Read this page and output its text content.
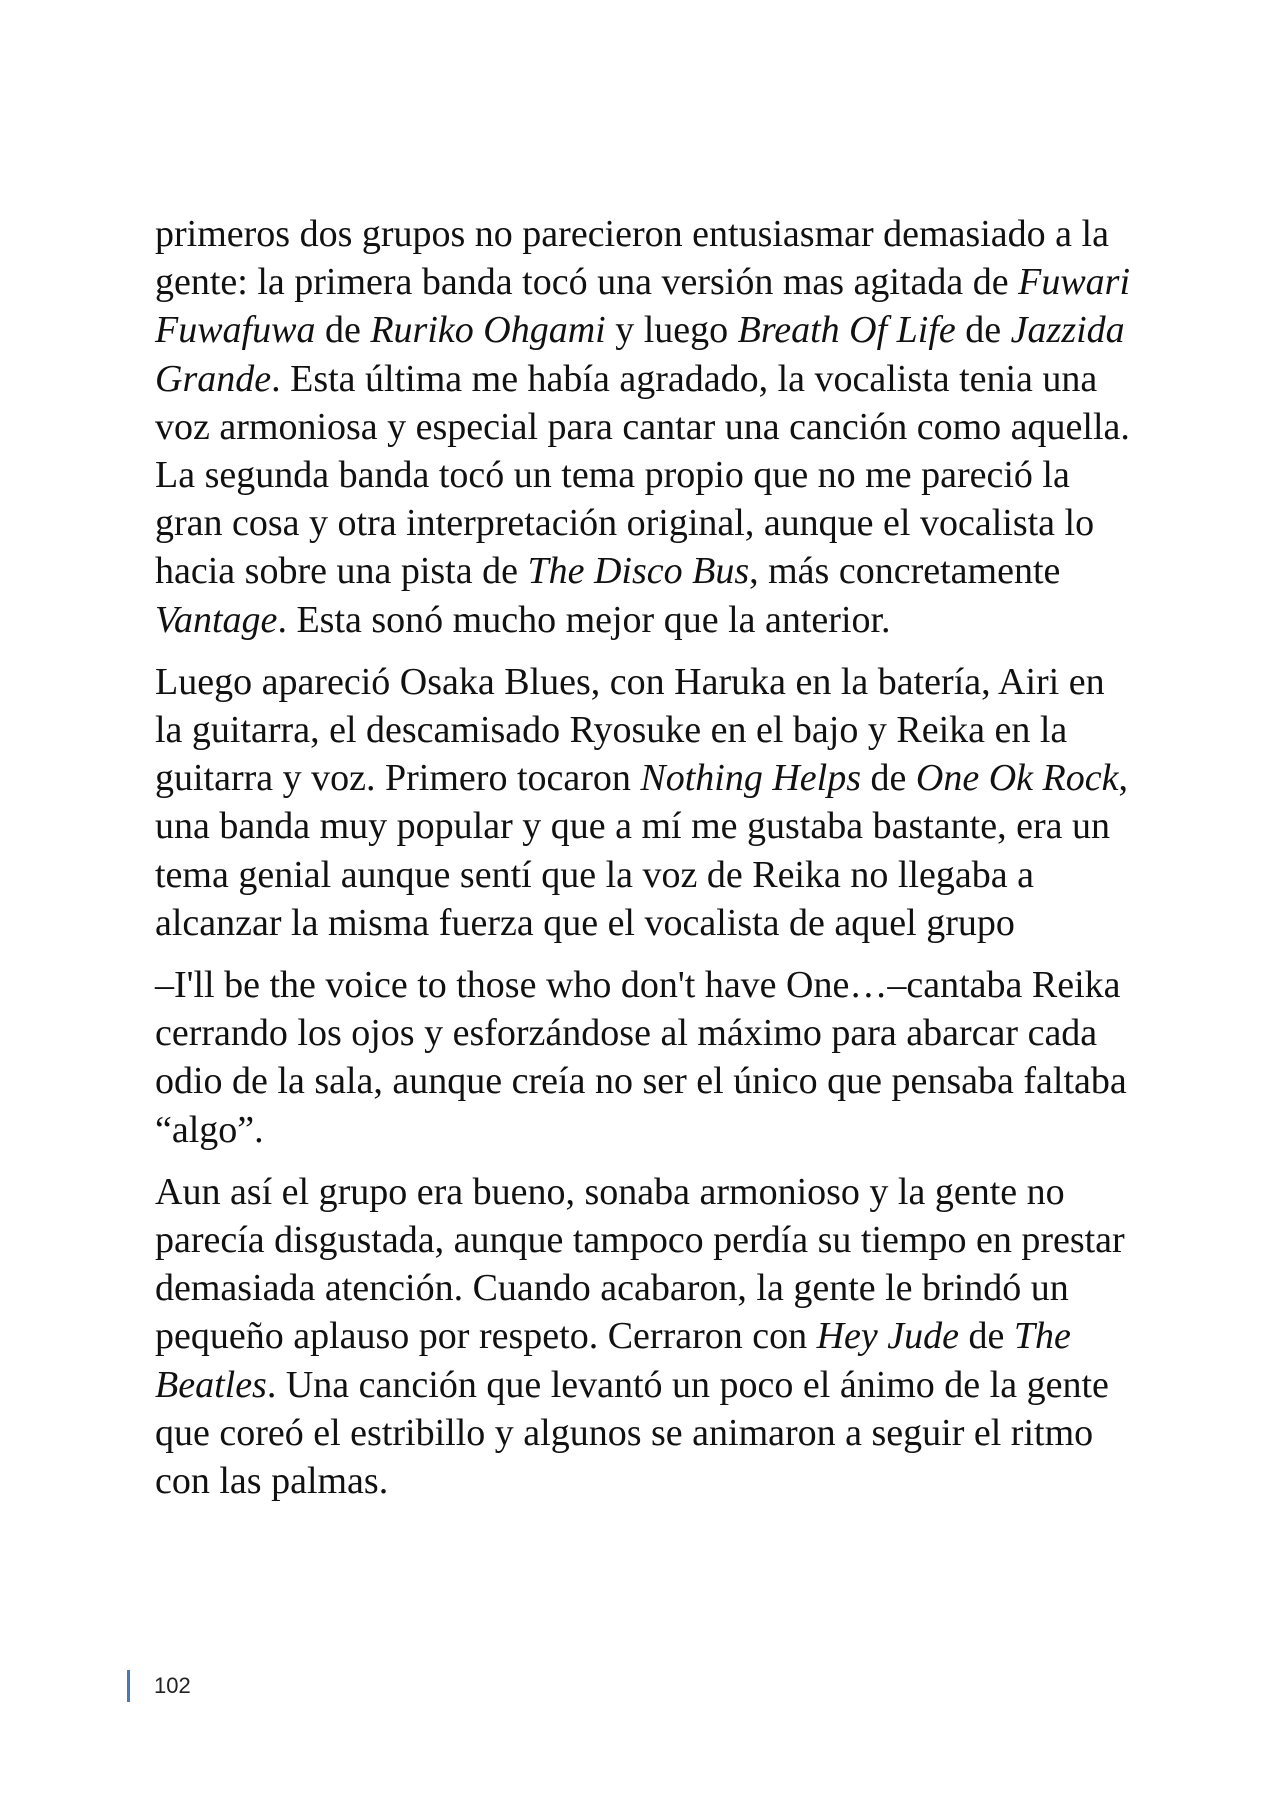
primeros dos grupos no parecieron entusiasmar demasiado a la gente: la primera banda tocó una versión mas agitada de Fuwari Fuwafuwa de Ruriko Ohgami y luego Breath Of Life de Jazzida Grande. Esta última me había agradado, la vocalista tenia una voz armoniosa y especial para cantar una canción como aquella. La segunda banda tocó un tema propio que no me pareció la gran cosa y otra interpretación original, aunque el vocalista lo hacia sobre una pista de The Disco Bus, más concretamente Vantage. Esta sonó mucho mejor que la anterior.

Luego apareció Osaka Blues, con Haruka en la batería, Airi en la guitarra, el descamisado Ryosuke en el bajo y Reika en la guitarra y voz. Primero tocaron Nothing Helps de One Ok Rock, una banda muy popular y que a mí me gustaba bastante, era un tema genial aunque sentí que la voz de Reika no llegaba a alcanzar la misma fuerza que el vocalista de aquel grupo

–I'll be the voice to those who don't have One…–cantaba Reika cerrando los ojos y esforzándose al máximo para abarcar cada odio de la sala, aunque creía no ser el único que pensaba faltaba “algo”.

Aun así el grupo era bueno, sonaba armonioso y la gente no parecía disgustada, aunque tampoco perdía su tiempo en prestar demasiada atención. Cuando acabaron, la gente le brindó un pequeño aplauso por respeto. Cerraron con Hey Jude de The Beatles. Una canción que levantó un poco el ánimo de la gente que coreó el estribillo y algunos se animaron a seguir el ritmo con las palmas.

102
